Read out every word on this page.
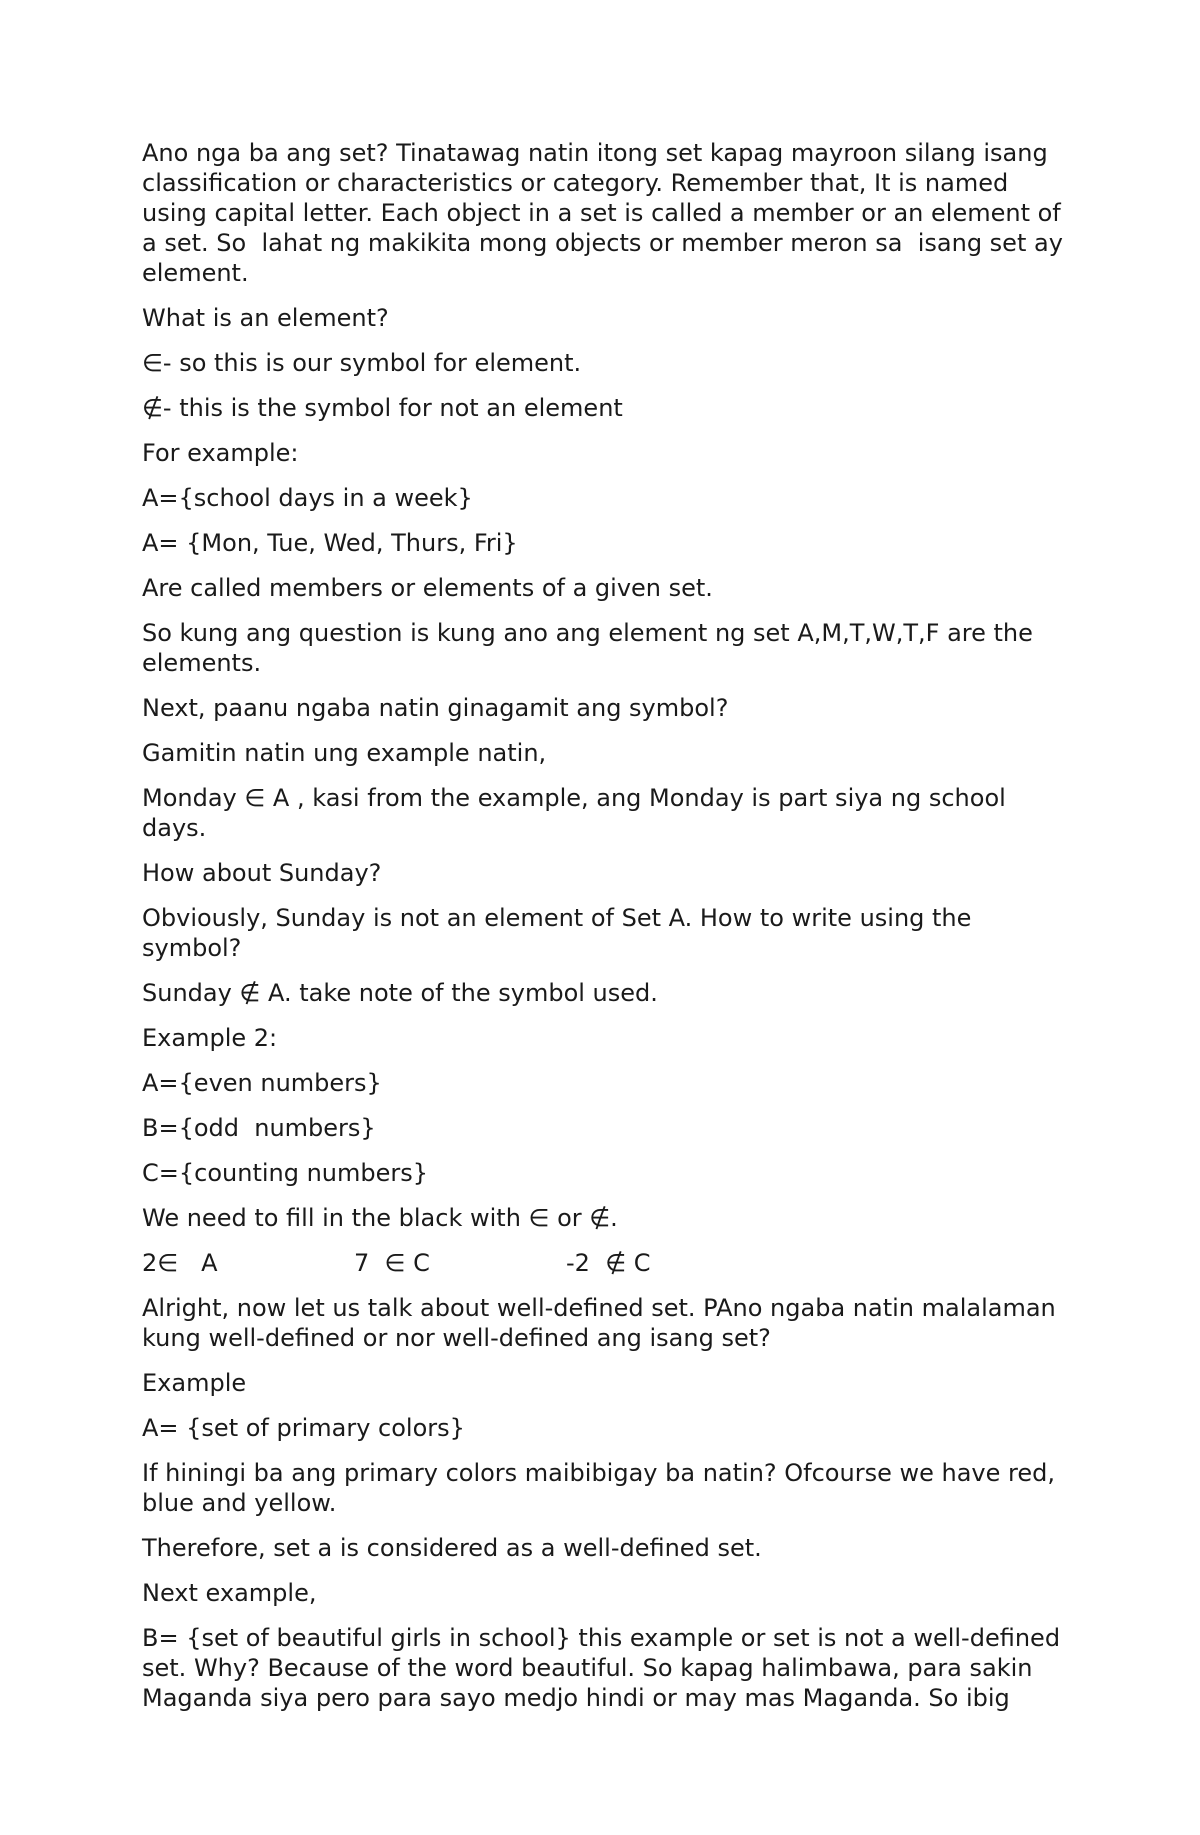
Ano nga ba ang set? Tinatawag natin itong set kapag mayroon silang isang classification or characteristics or category. Remember that, It is named using capital letter. Each object in a set is called a member or an element of a set. So  lahat ng makikita mong objects or member meron sa  isang set ay element.

What is an element?

∈- so this is our symbol for element.

∉- this is the symbol for not an element

For example:

A={school days in a week}

A= {Mon, Tue, Wed, Thurs, Fri}

Are called members or elements of a given set.

So kung ang question is kung ano ang element ng set A,M,T,W,T,F are the elements.

Next, paanu ngaba natin ginagamit ang symbol?

Gamitin natin ung example natin,

Monday ∈ A , kasi from the example, ang Monday is part siya ng school days.

How about Sunday?

Obviously, Sunday is not an element of Set A. How to write using the symbol?

Sunday ∉ A. take note of the symbol used.

Example 2:

A={even numbers}

B={odd  numbers}

C={counting numbers}

We need to fill in the black with ∈ or ∉.

2∈   A	7  ∈ C	-2  ∉ C

Alright, now let us talk about well-defined set. PAno ngaba natin malalaman kung well-defined or nor well-defined ang isang set?

Example

A= {set of primary colors}

If hiningi ba ang primary colors maibibigay ba natin? Ofcourse we have red, blue and yellow.

Therefore, set a is considered as a well-defined set.

Next example,

B= {set of beautiful girls in school} this example or set is not a well-defined set. Why? Because of the word beautiful. So kapag halimbawa, para sakin Maganda siya pero para sayo medjo hindi or may mas Maganda. So ibig
